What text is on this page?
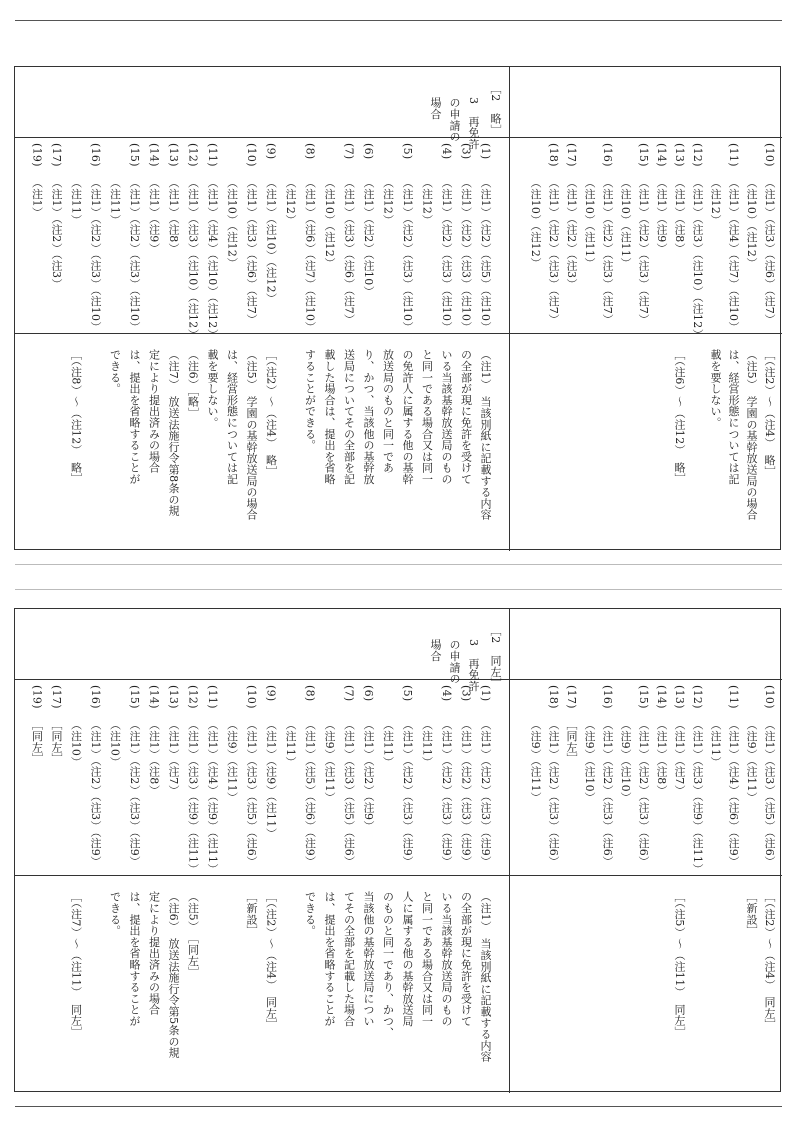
［2　略］
3　再免許
の申請の
場合
(10)
（注1）（注3）（注6）（注7）
（注10）（注12）
(11)
（注1）（注4）（注7）（注10）
（注12）
(12)
（注1）（注3）（注10）（注12）
(13)
（注1）（注8）
(14)
（注1）（注9）
(15)
（注1）（注2）（注3）（注7）
（注10）（注11）
(16)
（注1）（注2）（注3）（注7）
（注10）（注11）
(17)
（注1）（注2）（注3）
(18)
（注1）（注2）（注3）（注7）
（注10）（注12）
［（注2）～（注4）　略］
（注5）　学園の基幹放送局の場合
は、経営形態については記
載を要しない。
［（注6）～（注12）　略］
(1)
（注1）（注2）（注5）（注10）
(3)
（注1）（注2）（注3）（注10）
(4)
（注1）（注2）（注3）（注10）
（注12）
(5)
（注1）（注2）（注3）（注10）
（注12）
(6)
（注1）（注2）（注10）
(7)
（注1）（注3）（注6）（注7）
（注10）（注12）
(8)
（注1）（注6）（注7）（注10）
（注12）
(9)
（注1）（注10）（注12）
(10)
（注1）（注3）（注6）（注7）
（注10）（注12）
(11)
（注1）（注4）（注10）（注12）
(12)
（注1）（注3）（注10）（注12）
(13)
（注1）（注8）
(14)
（注1）（注9）
(15)
（注1）（注2）（注3）（注10）
（注11）
(16)
（注1）（注2）（注3）（注10）
（注11）
(17)
（注1）（注2）（注3）
(19)
（注1）
（注1）　当該別紙に記載する内容
の全部が現に免許を受けて
いる当該基幹放送局のもの
と同一である場合又は同一
の免許人に属する他の基幹
放送局のものと同一であ
り、かつ、当該他の基幹放
送局についてその全部を記
載した場合は、提出を省略
することができる。
［（注2）～（注4）　略］
（注5）　学園の基幹放送局の場合
は、経営形態については記
載を要しない。
（注6）［略］
（注7）　放送法施行令第8条の規
定により提出済みの場合
は、提出を省略することが
できる。
［（注8）～（注12）　略］
［2　同左］
3　再免許
の申請の
場合
(10)
（注1）（注3）（注5）（注6）
（注9）（注11）
(11)
（注1）（注4）（注6）（注9）
（注11）
(12)
（注1）（注3）（注9）（注11）
(13)
（注1）（注7）
(14)
（注1）（注8）
(15)
（注1）（注2）（注3）（注6）
（注9）（注10）
(16)
（注1）（注2）（注3）（注6）
（注9）（注10）
(17)
［同左］
(18)
（注1）（注2）（注3）（注6）
（注9）（注11）
［（注2）～（注4）　同左］
［新設］
［（注5）～（注11）　同左］
(1)
（注1）（注2）（注3）（注9）
(3)
（注1）（注2）（注3）（注9）
(4)
（注1）（注2）（注3）（注9）
（注11）
(5)
（注1）（注2）（注3）（注9）
（注11）
(6)
（注1）（注2）（注9）
(7)
（注1）（注3）（注5）（注6）
（注9）（注11）
(8)
（注1）（注5）（注6）（注9）
（注11）
(9)
（注1）（注9）（注11）
(10)
（注1）（注3）（注5）（注6）
（注9）（注11）
(11)
（注1）（注4）（注9）（注11）
(12)
（注1）（注3）（注9）（注11）
(13)
（注1）（注7）
(14)
（注1）（注8）
(15)
（注1）（注2）（注3）（注9）
（注10）
(16)
（注1）（注2）（注3）（注9）
（注10）
(17)
［同左］
(19)
［同左］
（注1）　当該別紙に記載する内容
の全部が現に免許を受けて
いる当該基幹放送局のもの
と同一である場合又は同一
人に属する他の基幹放送局
のものと同一であり、かつ、
当該他の基幹放送局につい
てその全部を記載した場合
は、提出を省略することが
できる。
［（注2）～（注4）　同左］
［新設］
（注5）　［同左］
（注6）　放送法施行令第5条の規
定により提出済みの場合
は、提出を省略することが
できる。
［（注7）～（注11）　同左］
